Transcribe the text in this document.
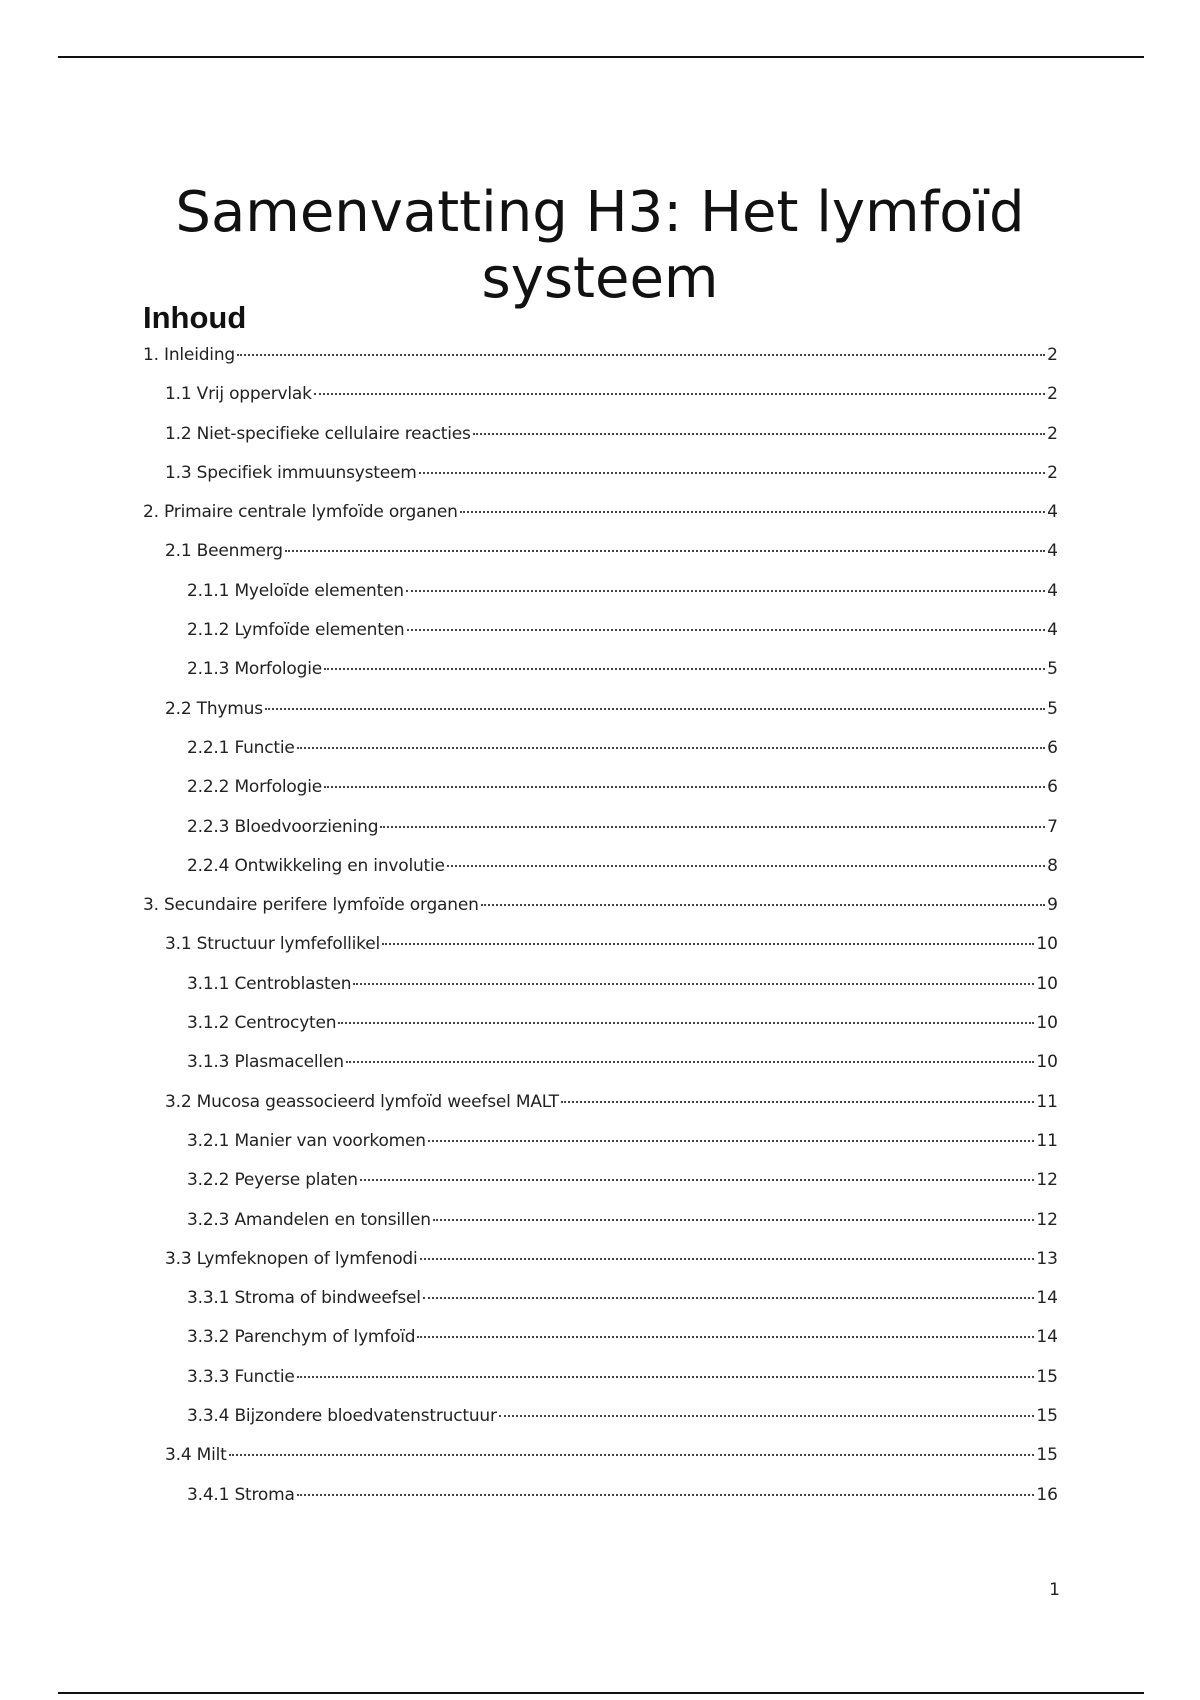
Samenvatting H3: Het lymfoïd
systeem
Inhoud
1. Inleiding	2
1.1 Vrij oppervlak	2
1.2 Niet-specifieke cellulaire reacties	2
1.3 Specifiek immuunsysteem	2
2. Primaire centrale lymfoïde organen	4
2.1 Beenmerg	4
2.1.1 Myeloïde elementen	4
2.1.2 Lymfoïde elementen	4
2.1.3 Morfologie	5
2.2 Thymus	5
2.2.1 Functie	6
2.2.2 Morfologie	6
2.2.3 Bloedvoorziening	7
2.2.4 Ontwikkeling en involutie	8
3. Secundaire perifere lymfoïde organen	9
3.1 Structuur lymfefollikel	10
3.1.1 Centroblasten	10
3.1.2 Centrocyten	10
3.1.3 Plasmacellen	10
3.2 Mucosa geassocieerd lymfoïd weefsel MALT	11
3.2.1 Manier van voorkomen	11
3.2.2 Peyerse platen	12
3.2.3 Amandelen en tonsillen	12
3.3 Lymfeknopen of lymfenodi	13
3.3.1 Stroma of bindweefsel	14
3.3.2 Parenchym of lymfoïd	14
3.3.3 Functie	15
3.3.4 Bijzondere bloedvatenstructuur	15
3.4 Milt	15
3.4.1 Stroma	16
1
